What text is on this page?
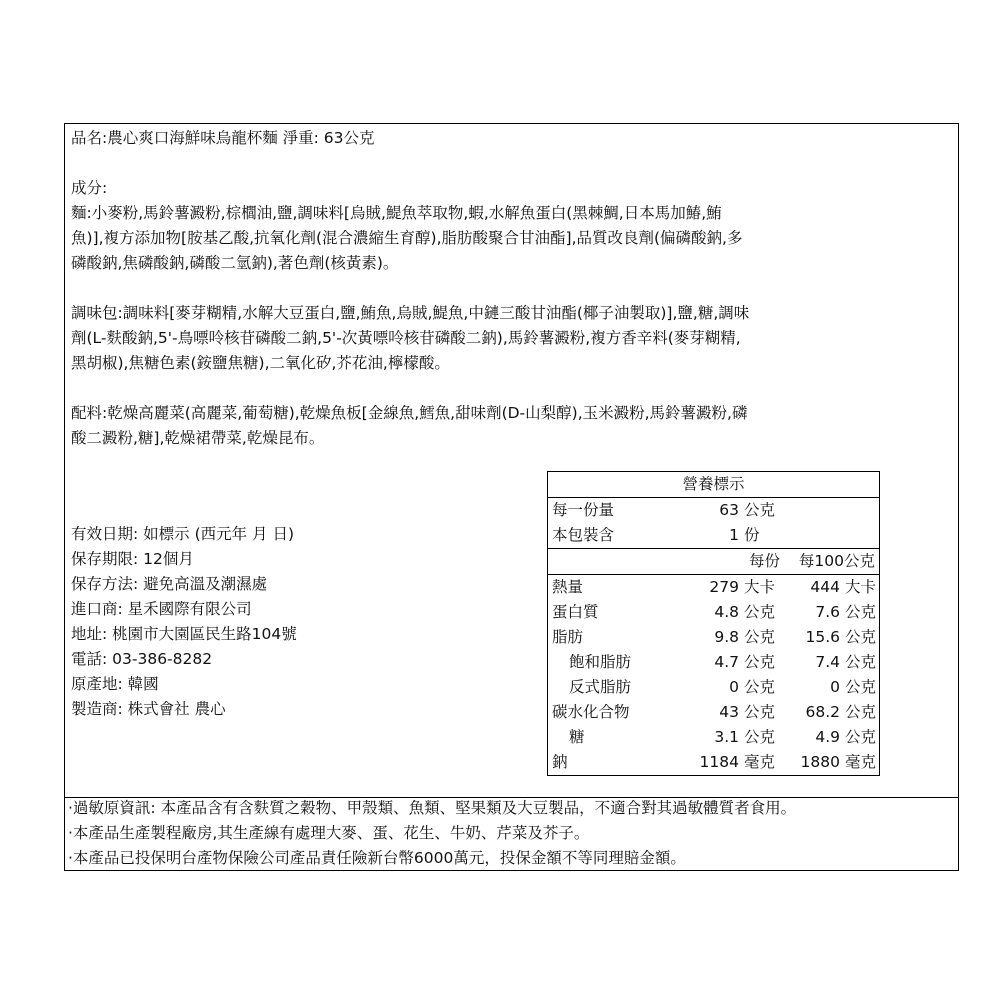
品名:農心爽口海鮮味烏龍杯麵 淨重: 63公克
成分:
麵:小麥粉,馬鈴薯澱粉,棕櫚油,鹽,調味料[烏賊,鯷魚萃取物,蝦,水解魚蛋白(黑棘鯛,日本馬加鰆,鮪
魚)],複方添加物[胺基乙酸,抗氧化劑(混合濃縮生育醇),脂肪酸聚合甘油酯],品質改良劑(偏磷酸鈉,多
磷酸鈉,焦磷酸鈉,磷酸二氫鈉),著色劑(核黃素)。
調味包:調味料[麥芽糊精,水解大豆蛋白,鹽,鮪魚,烏賊,鯷魚,中鏈三酸甘油酯(椰子油製取)],鹽,糖,調味
劑(L-麩酸鈉,5'-鳥嘌呤核苷磷酸二鈉,5'-次黃嘌呤核苷磷酸二鈉),馬鈴薯澱粉,複方香辛料(麥芽糊精,
黑胡椒),焦糖色素(銨鹽焦糖),二氧化矽,芥花油,檸檬酸。
配料:乾燥高麗菜(高麗菜,葡萄糖),乾燥魚板[金線魚,鱈魚,甜味劑(D-山梨醇),玉米澱粉,馬鈴薯澱粉,磷
酸二澱粉,糖],乾燥裙帶菜,乾燥昆布。
有效日期: 如標示 (西元年 月 日)
保存期限: 12個月
保存方法: 避免高溫及潮濕處
進口商: 星禾國際有限公司
地址: 桃園市大園區民生路104號
電話: 03-386-8282
原產地: 韓國
製造商: 株式會社 農心
營養標示				
每一份量	63	公克		
本包裝含	1	份		
	每份		每100公克	
熱量	279	大卡	444	大卡
蛋白質	4.8	公克	7.6	公克
脂肪	9.8	公克	15.6	公克
飽和脂肪	4.7	公克	7.4	公克
反式脂肪	0	公克	0	公克
碳水化合物	43	公克	68.2	公克
糖	3.1	公克	4.9	公克
鈉	1184	毫克	1880	毫克
·過敏原資訊: 本產品含有含麩質之穀物、甲殼類、魚類、堅果類及大豆製品，不適合對其過敏體質者食用。
·本產品生產製程廠房,其生產線有處理大麥、蛋、花生、牛奶、芹菜及芥子。
·本產品已投保明台產物保險公司產品責任險新台幣6000萬元，投保金額不等同理賠金額。
